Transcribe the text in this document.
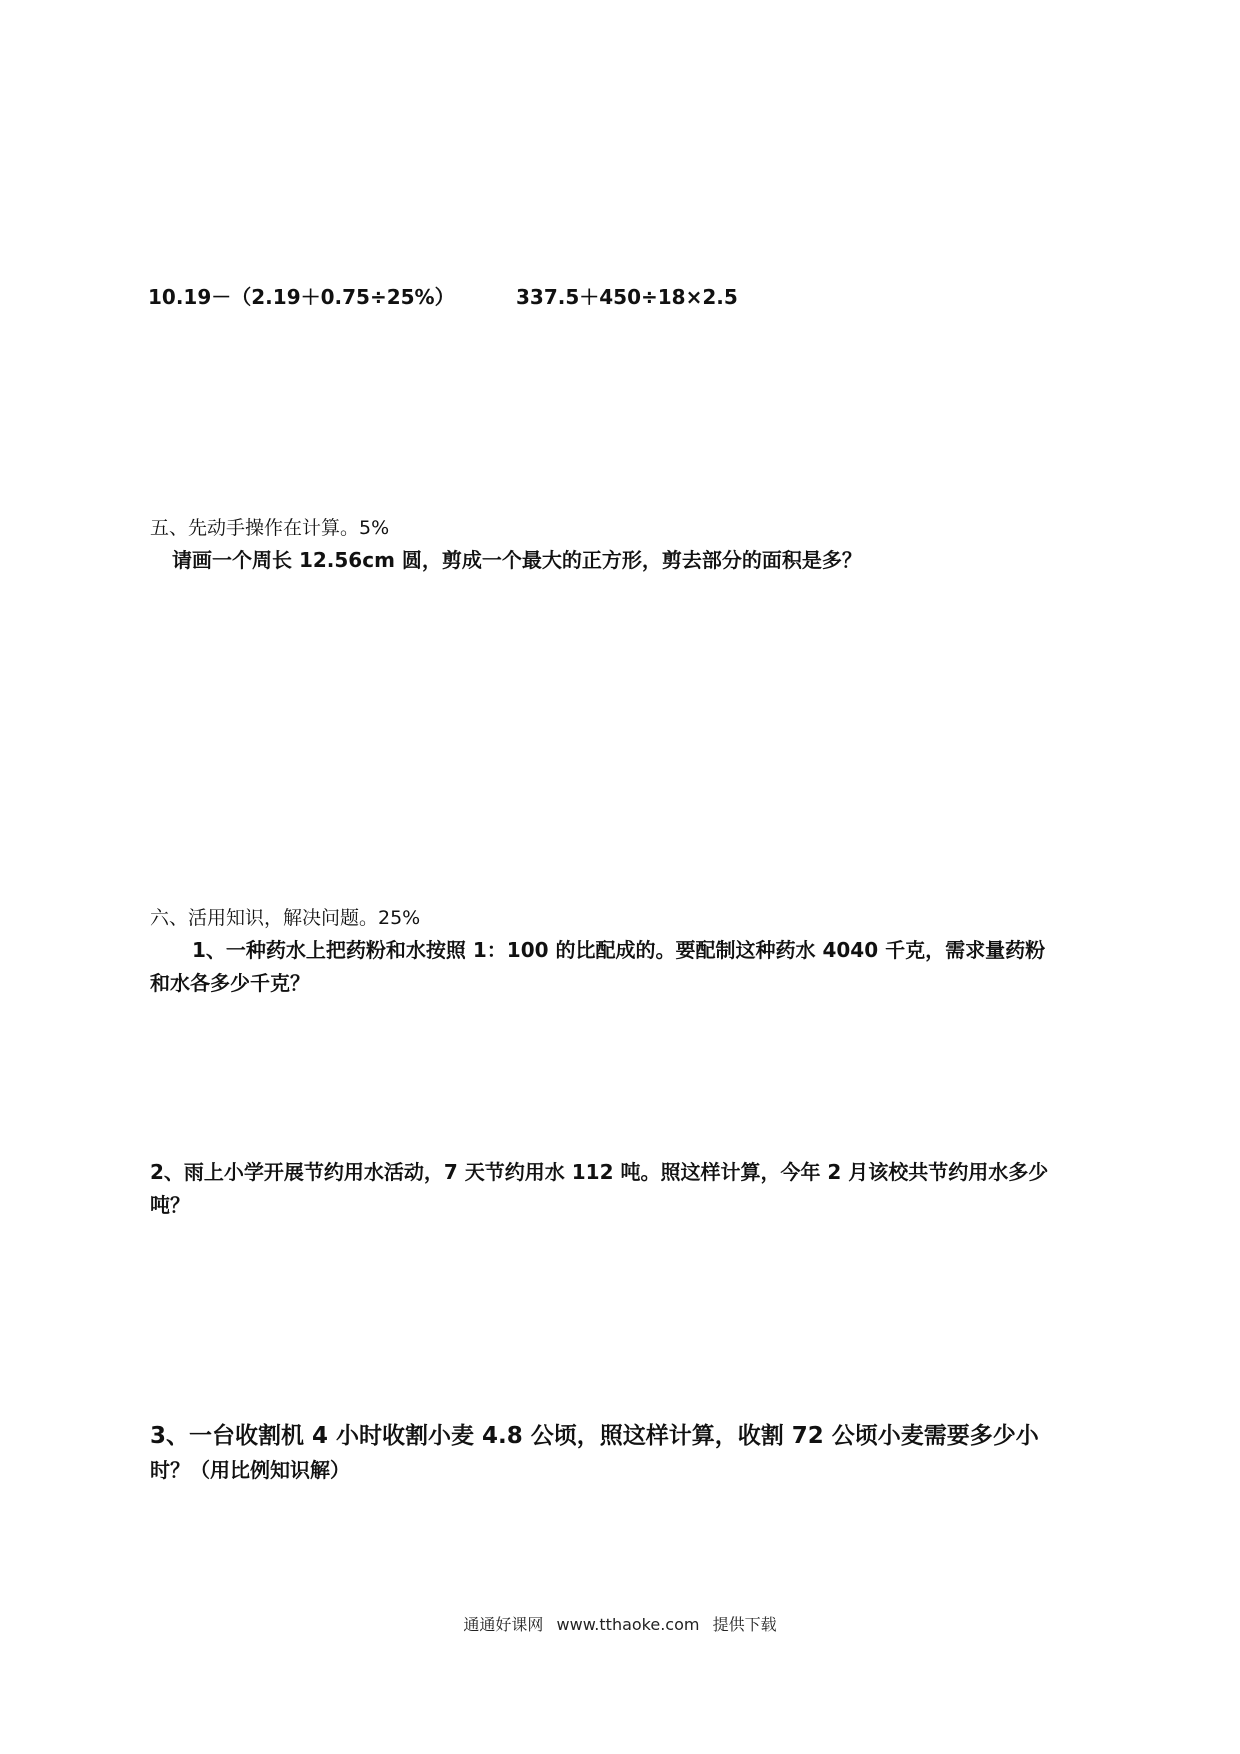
10.19－（2.19＋0.75÷25%）	337.5＋450÷18×2.5
五、先动手操作在计算。5%
请画一个周长 12.56cm 圆，剪成一个最大的正方形，剪去部分的面积是多？
六、活用知识，解决问题。25%
1、一种药水上把药粉和水按照 1：100 的比配成的。要配制这种药水 4040 千克，需求量药粉
和水各多少千克？
2、雨上小学开展节约用水活动，7 天节约用水 112 吨。照这样计算，今年 2 月该校共节约用水多少
吨？
3、一台收割机 4 小时收割小麦 4.8 公顷，照这样计算，收割 72 公顷小麦需要多少小
时？（用比例知识解）
通通好课网 www.tthaoke.com 提供下载
